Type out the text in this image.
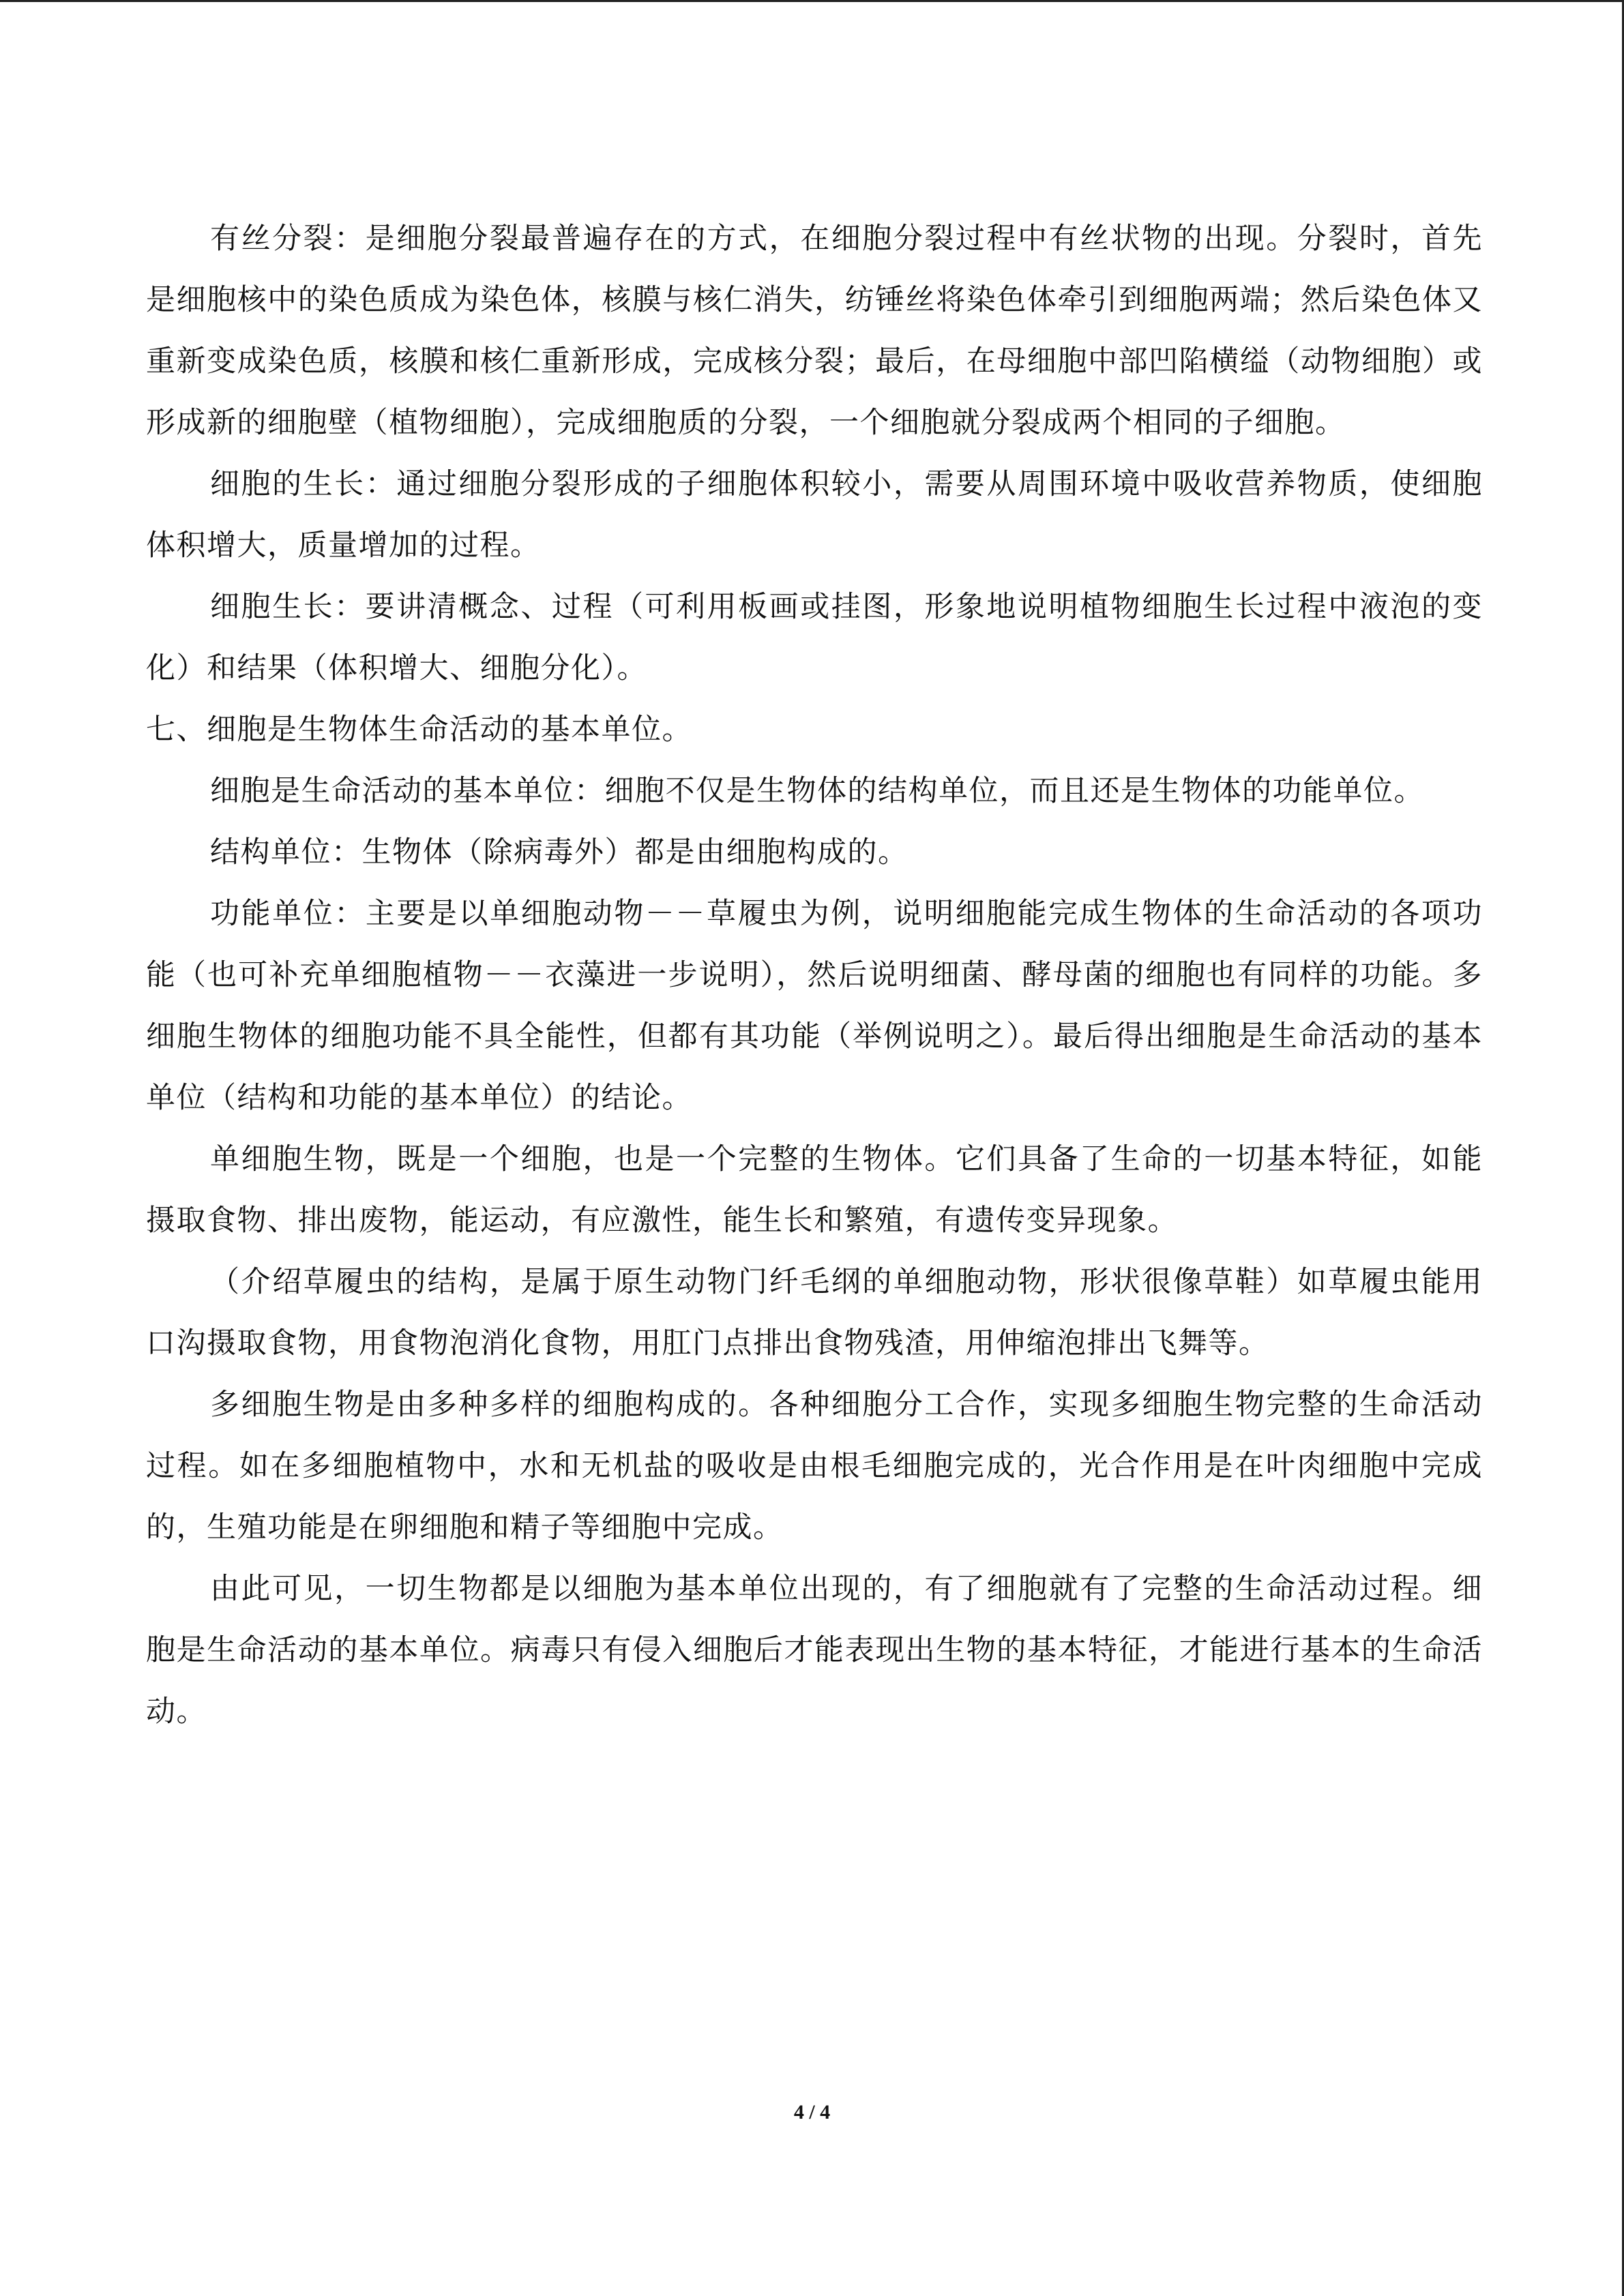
有丝分裂：是细胞分裂最普遍存在的方式，在细胞分裂过程中有丝状物的出现。分裂时，首先是细胞核中的染色质成为染色体，核膜与核仁消失，纺锤丝将染色体牵引到细胞两端；然后染色体又重新变成染色质，核膜和核仁重新形成，完成核分裂；最后，在母细胞中部凹陷横缢（动物细胞）或形成新的细胞壁（植物细胞），完成细胞质的分裂，一个细胞就分裂成两个相同的子细胞。

细胞的生长：通过细胞分裂形成的子细胞体积较小，需要从周围环境中吸收营养物质，使细胞体积增大，质量增加的过程。

细胞生长：要讲清概念、过程（可利用板画或挂图，形象地说明植物细胞生长过程中液泡的变化）和结果（体积增大、细胞分化）。

七、细胞是生物体生命活动的基本单位。

细胞是生命活动的基本单位：细胞不仅是生物体的结构单位，而且还是生物体的功能单位。

结构单位：生物体（除病毒外）都是由细胞构成的。

功能单位：主要是以单细胞动物－－草履虫为例，说明细胞能完成生物体的生命活动的各项功能（也可补充单细胞植物－－衣藻进一步说明），然后说明细菌、酵母菌的细胞也有同样的功能。多细胞生物体的细胞功能不具全能性，但都有其功能（举例说明之）。最后得出细胞是生命活动的基本单位（结构和功能的基本单位）的结论。

单细胞生物，既是一个细胞，也是一个完整的生物体。它们具备了生命的一切基本特征，如能摄取食物、排出废物，能运动，有应激性，能生长和繁殖，有遗传变异现象。

（介绍草履虫的结构，是属于原生动物门纤毛纲的单细胞动物，形状很像草鞋）如草履虫能用口沟摄取食物，用食物泡消化食物，用肛门点排出食物残渣，用伸缩泡排出飞舞等。

多细胞生物是由多种多样的细胞构成的。各种细胞分工合作，实现多细胞生物完整的生命活动过程。如在多细胞植物中，水和无机盐的吸收是由根毛细胞完成的，光合作用是在叶肉细胞中完成的，生殖功能是在卵细胞和精子等细胞中完成。

由此可见，一切生物都是以细胞为基本单位出现的，有了细胞就有了完整的生命活动过程。细胞是生命活动的基本单位。病毒只有侵入细胞后才能表现出生物的基本特征，才能进行基本的生命活动。

4 / 4
